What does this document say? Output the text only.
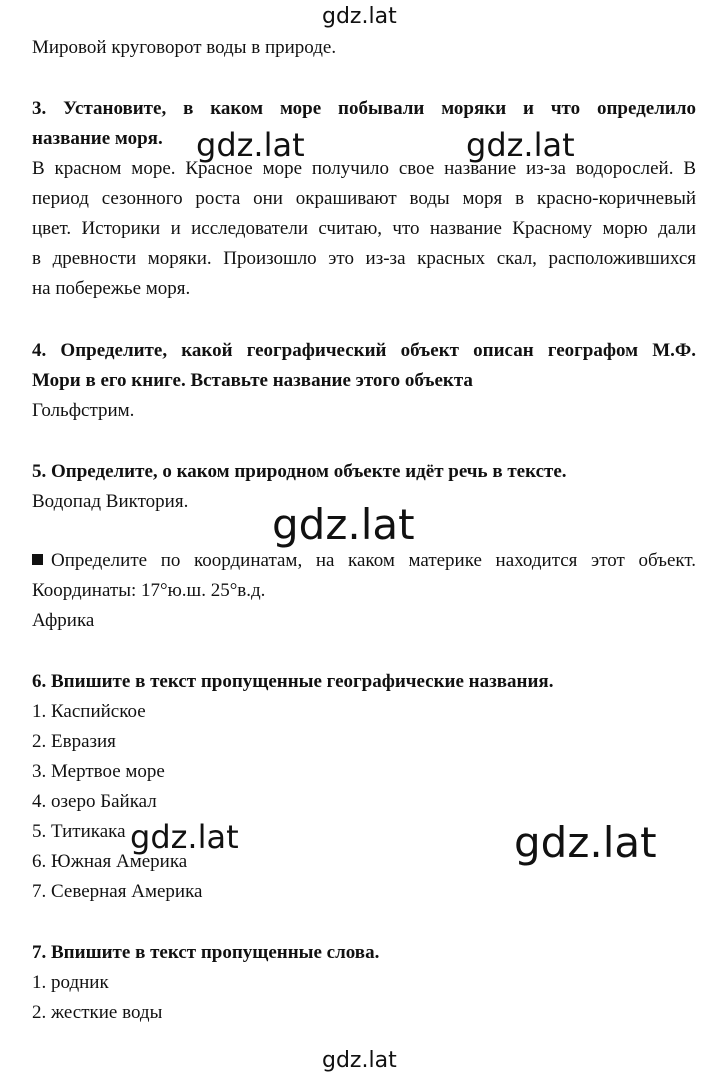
gdz.lat
gdz.lat	gdz.lat
gdz.lat
gdz.lat	gdz.lat
gdz.lat
Мировой круговорот воды в природе.
3. Установите, в каком море побывали моряки и что определило
название моря.
В красном море. Красное море получило свое название из-за водорослей. В
период сезонного роста они окрашивают воды моря в красно-коричневый
цвет. Историки и исследователи считаю, что название Красному морю дали
в древности моряки. Произошло это из-за красных скал, расположившихся
на побережье моря.
4. Определите, какой географический объект описан географом М.Ф.
Мори в его книге. Вставьте название этого объекта
Гольфстрим.
5. Определите, о каком природном объекте идёт речь в тексте.
Водопад Виктория.
Определите по координатам, на каком материке находится этот объект.
Координаты: 17°ю.ш. 25°в.д.
Африка
6. Впишите в текст пропущенные географические названия.
1. Каспийское
2. Евразия
3. Мертвое море
4. озеро Байкал
5. Титикака
6. Южная Америка
7. Северная Америка
7. Впишите в текст пропущенные слова.
1. родник
2. жесткие воды
